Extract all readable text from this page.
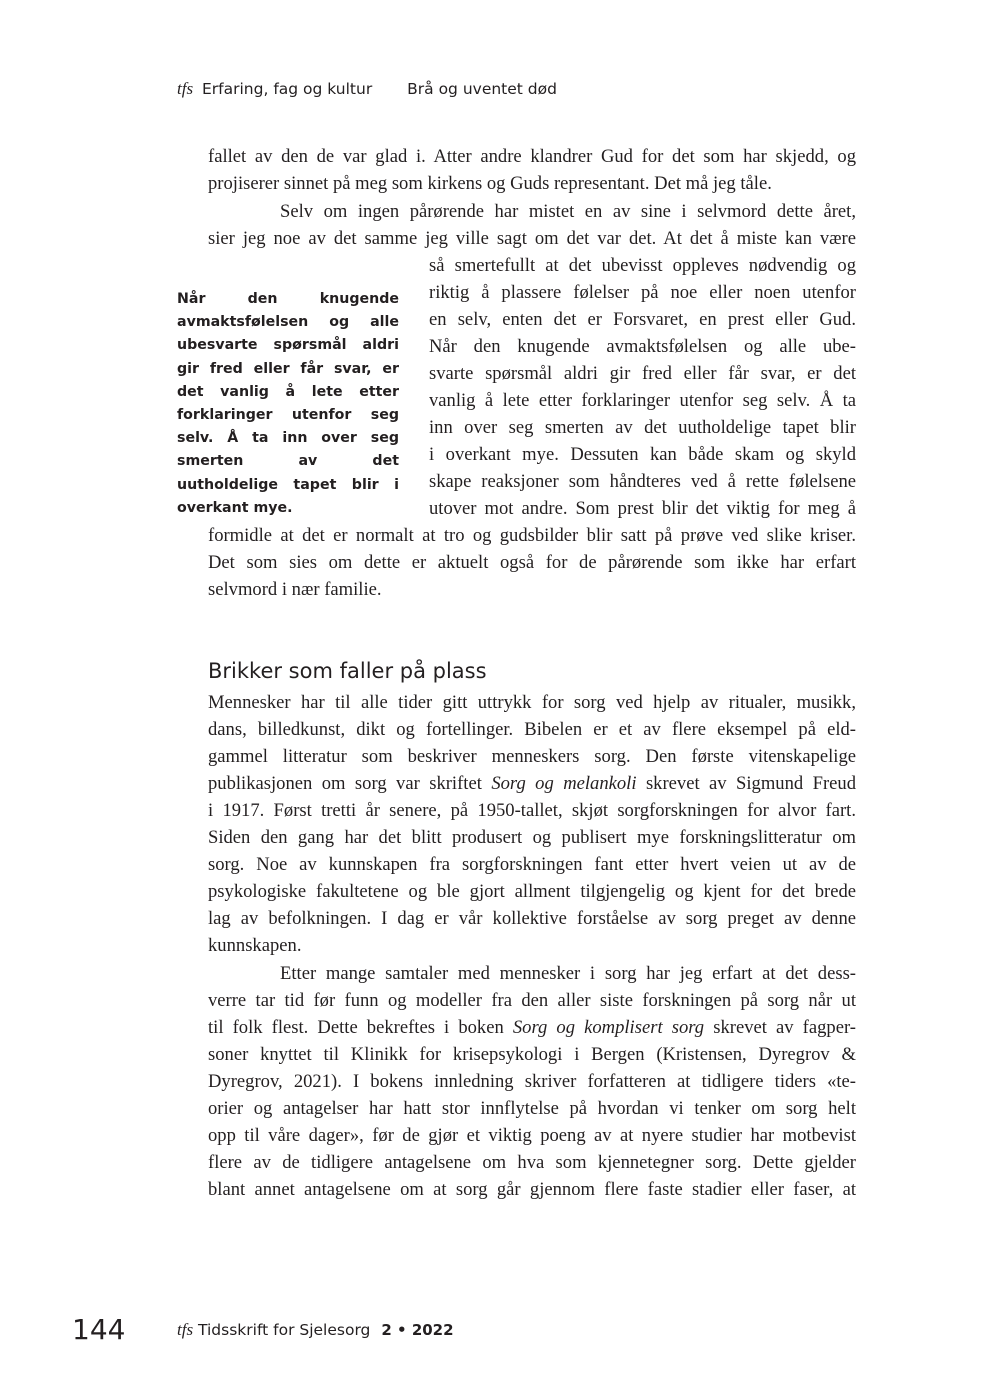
tfs Erfaring, fag og kultur Brå og uventet død
fallet av den de var glad i. Atter andre klandrer Gud for det som har skjedd, og
projiserer sinnet på meg som kirkens og Guds representant. Det må jeg tåle.
Selv om ingen pårørende har mistet en av sine i selvmord dette året,
sier jeg noe av det samme jeg ville sagt om det var det. At det å miste kan være
så smertefullt at det ubevisst oppleves nødvendig og
riktig å plassere følelser på noe eller noen utenfor
en selv, enten det er Forsvaret, en prest eller Gud.
Når den knugende avmaktsfølelsen og alle ube-
svarte spørsmål aldri gir fred eller får svar, er det
vanlig å lete etter forklaringer utenfor seg selv. Å ta
inn over seg smerten av det uutholdelige tapet blir
i overkant mye. Dessuten kan både skam og skyld
skape reaksjoner som håndteres ved å rette følelsene
utover mot andre. Som prest blir det viktig for meg å
formidle at det er normalt at tro og gudsbilder blir satt på prøve ved slike kriser.
Det som sies om dette er aktuelt også for de pårørende som ikke har erfart
selvmord i nær familie.
Mennesker har til alle tider gitt uttrykk for sorg ved hjelp av ritualer, musikk,
dans, billedkunst, dikt og fortellinger. Bibelen er et av flere eksempel på eld-
gammel litteratur som beskriver menneskers sorg. Den første vitenskapelige
publikasjonen om sorg var skriftet Sorg og melankoli skrevet av Sigmund Freud
i 1917. Først tretti år senere, på 1950-tallet, skjøt sorgforskningen for alvor fart.
Siden den gang har det blitt produsert og publisert mye forskningslitteratur om
sorg. Noe av kunnskapen fra sorgforskningen fant etter hvert veien ut av de
psykologiske fakultetene og ble gjort allment tilgjengelig og kjent for det brede
lag av befolkningen. I dag er vår kollektive forståelse av sorg preget av denne
kunnskapen.
Etter mange samtaler med mennesker i sorg har jeg erfart at det dess-
verre tar tid før funn og modeller fra den aller siste forskningen på sorg når ut
til folk flest. Dette bekreftes i boken Sorg og komplisert sorg skrevet av fagper-
soner knyttet til Klinikk for krisepsykologi i Bergen (Kristensen, Dyregrov &
Dyregrov, 2021). I bokens innledning skriver forfatteren at tidligere tiders «te-
orier og antagelser har hatt stor innflytelse på hvordan vi tenker om sorg helt
opp til våre dager», før de gjør et viktig poeng av at nyere studier har motbevist
flere av de tidligere antagelsene om hva som kjennetegner sorg. Dette gjelder
blant annet antagelsene om at sorg går gjennom flere faste stadier eller faser, at
Når den knugende avmaktsfølelsen og alle ubesvarte spørsmål aldri gir fred eller får svar, er det vanlig å lete etter forklaringer utenfor seg selv. Å ta inn over seg smerten av det uutholdelige tapet blir i overkant mye.
Brikker som faller på plass
144	tfs Tidsskrift for Sjelesorg 2 • 2022
